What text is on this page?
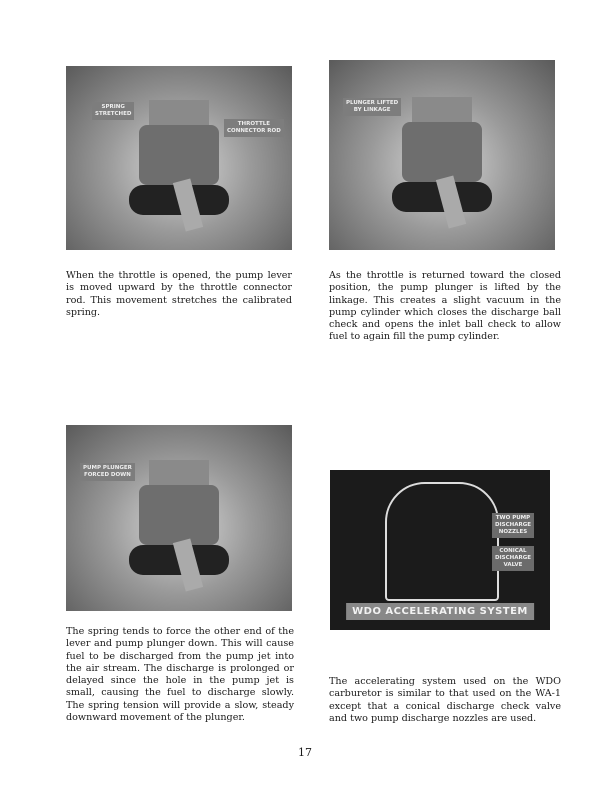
SPRING
STRETCHED
THROTTLE
CONNECTOR ROD
PLUNGER LIFTED
BY LINKAGE
When the throttle is opened, the pump lever is moved upward by the throttle connector rod. This movement stretches the calibrated spring.
As the throttle is returned toward the closed position, the pump plunger is lifted by the linkage. This creates a slight vacuum in the pump cylinder which closes the discharge ball check and opens the inlet ball check to allow fuel to again fill the pump cylinder.
PUMP PLUNGER
FORCED DOWN
TWO PUMP
DISCHARGE
NOZZLES
CONICAL
DISCHARGE
VALVE
WDO ACCELERATING SYSTEM
The spring tends to force the other end of the lever and pump plunger down. This will cause fuel to be discharged from the pump jet into the air stream. The discharge is prolonged or delayed since the hole in the pump jet is small, causing the fuel to discharge slowly. The spring tension will provide a slow, steady downward movement of the plunger.
The accelerating system used on the WDO carburetor is similar to that used on the WA-1 except that a conical discharge check valve and two pump discharge nozzles are used.
17
